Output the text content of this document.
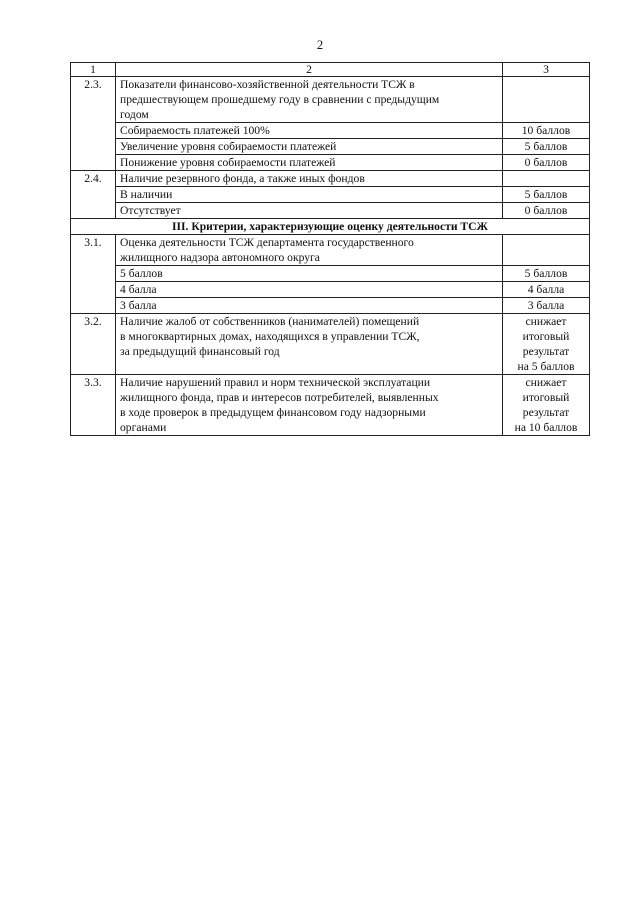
2
1	2	3
2.3.	Показатели финансово-хозяйственной деятельности ТСЖ в
предшествующем прошедшему году в сравнении с предыдущим
годом	
	Собираемость платежей 100%	10 баллов
	Увеличение уровня собираемости платежей	5 баллов
	Понижение уровня собираемости платежей	0 баллов
2.4.	Наличие резервного фонда, а также иных фондов	
	В наличии	5 баллов
	Отсутствует	0 баллов
III. Критерии, характеризующие оценку деятельности ТСЖ		
3.1.	Оценка деятельности ТСЖ департамента государственного
жилищного надзора автономного округа	
	5 баллов	5 баллов
	4 балла	4 балла
	3 балла	3 балла
3.2.	Наличие жалоб от собственников (нанимателей) помещений
в многоквартирных домах, находящихся в управлении ТСЖ,
за предыдущий финансовый год	снижает
итоговый
результат
на 5 баллов
3.3.	Наличие нарушений правил и норм технической эксплуатации
жилищного фонда, прав и интересов потребителей, выявленных
в ходе проверок в предыдущем финансовом году надзорными
органами	снижает
итоговый
результат
на 10 баллов
